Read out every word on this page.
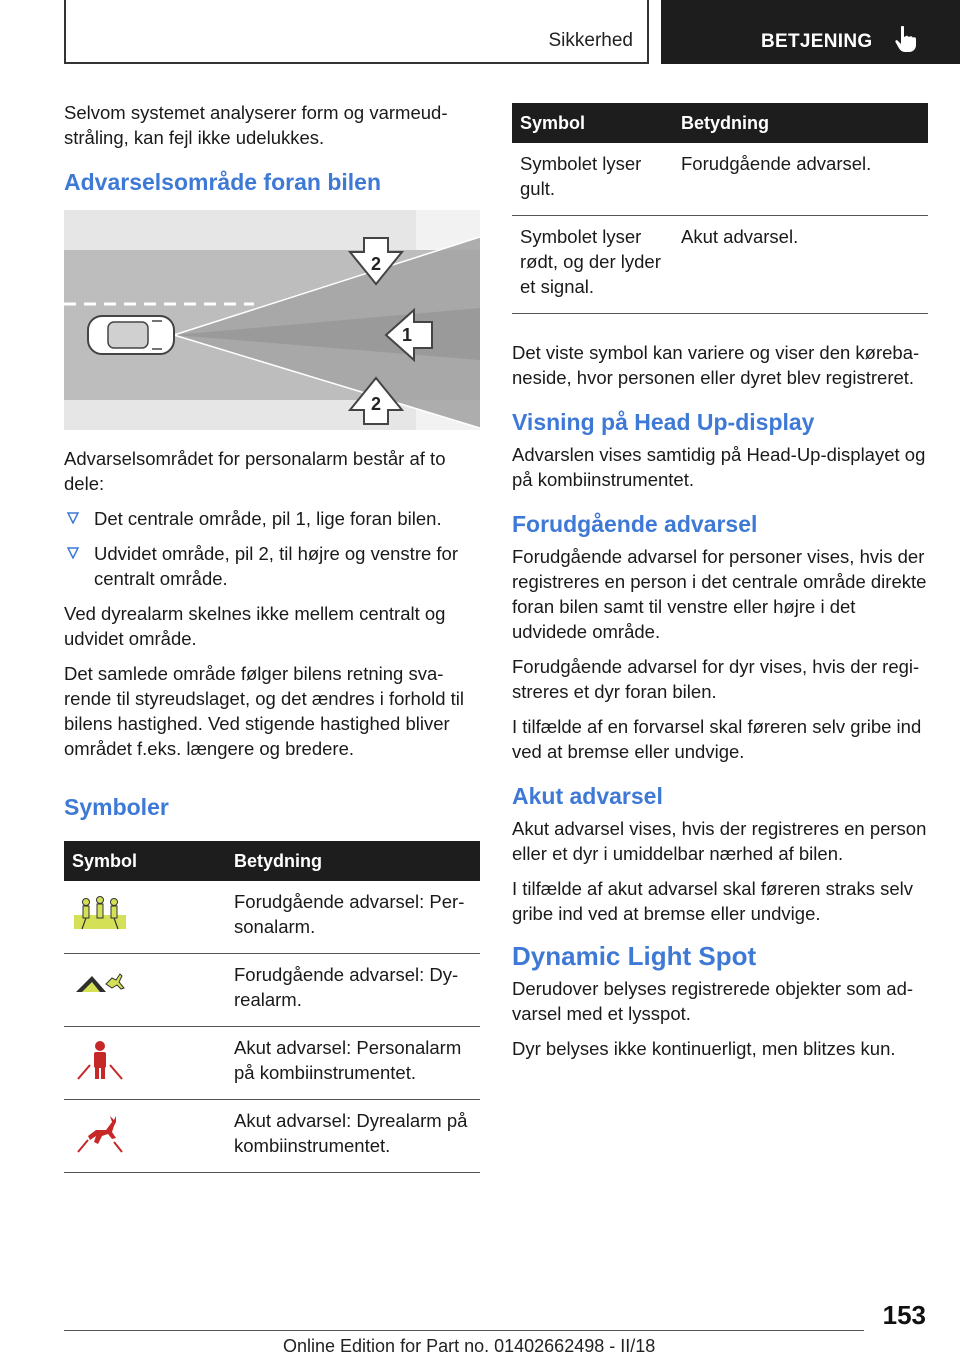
Sikkerhed	BETJENING

Selvom systemet analyserer form og varmeudstråling, kan fejl ikke udelukkes.

Advarselsområde foran bilen
2
1
2

Advarselsområdet for personalarm består af to dele:

Det centrale område, pil 1, lige foran bilen.
Udvidet område, pil 2, til højre og venstre for centralt område.

Ved dyrealarm skelnes ikke mellem centralt og udvidet område.

Det samlede område følger bilens retning svarende til styreudslaget, og det ændres i forhold til bilens hastighed. Ved stigende hastighed bliver området f.eks. længere og bredere.

Symboler
Symbol	Betydning

	Forudgående advarsel: Personalarm.

	Forudgående advarsel: Dyrealarm.

	Akut advarsel: Personalarm på kombiinstrumentet.

	Akut advarsel: Dyrealarm på kombiinstrumentet.
Symbol	Betydning
Symbolet lyser gult.	Forudgående advarsel.
Symbolet lyser rødt, og der lyder et signal.	Akut advarsel.

Det viste symbol kan variere og viser den kørebaneside, hvor personen eller dyret blev registreret.

Visning på Head Up-display

Advarslen vises samtidig på Head-Up-displayet og på kombiinstrumentet.

Forudgående advarsel

Forudgående advarsel for personer vises, hvis der registreres en person i det centrale område direkte foran bilen samt til venstre eller højre i det udvidede område.

Forudgående advarsel for dyr vises, hvis der registreres et dyr foran bilen.

I tilfælde af en forvarsel skal føreren selv gribe ind ved at bremse eller undvige.

Akut advarsel

Akut advarsel vises, hvis der registreres en person eller et dyr i umiddelbar nærhed af bilen.

I tilfælde af akut advarsel skal føreren straks selv gribe ind ved at bremse eller undvige.

Dynamic Light Spot

Derudover belyses registrerede objekter som advarsel med et lysspot.

Dyr belyses ikke kontinuerligt, men blitzes kun.

153
Online Edition for Part no. 01402662498 - II/18
